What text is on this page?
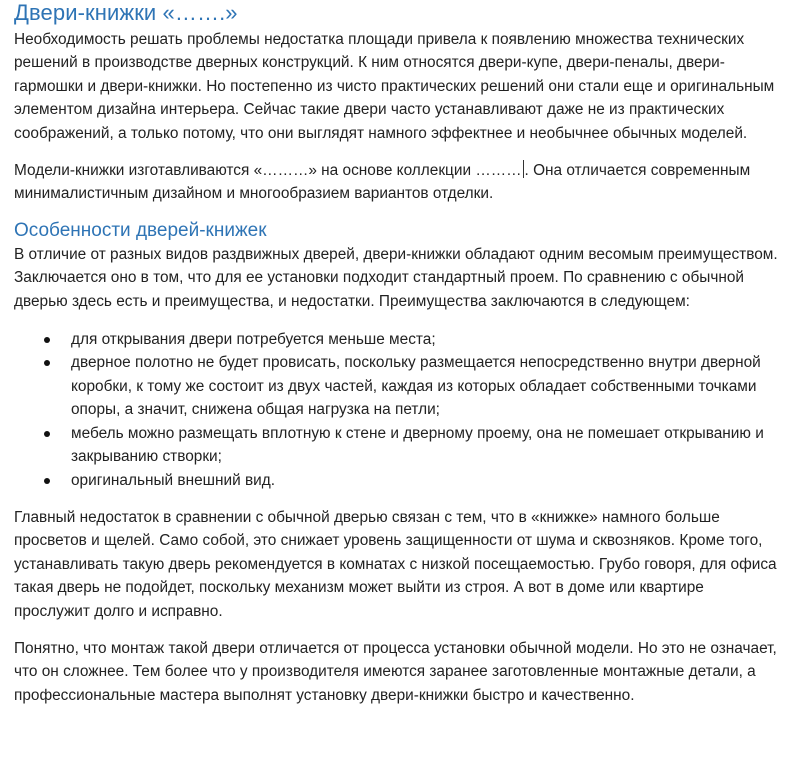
Двери-книжки «…….»

Необходимость решать проблемы недостатка площади привела к появлению множества технических решений в производстве дверных конструкций. К ним относятся двери-купе, двери-пеналы, двери-гармошки и двери-книжки. Но постепенно из чисто практических решений они стали еще и оригинальным элементом дизайна интерьера. Сейчас такие двери часто устанавливают даже не из практических соображений, а только потому, что они выглядят намного эффектнее и необычнее обычных моделей.

Модели-книжки изготавливаются «………» на основе коллекции ……… . Она отличается современным минималистичным дизайном и многообразием вариантов отделки.

Особенности дверей-книжек

В отличие от разных видов раздвижных дверей, двери-книжки обладают одним весомым преимуществом. Заключается оно в том, что для ее установки подходит стандартный проем. По сравнению с обычной дверью здесь есть и преимущества, и недостатки. Преимущества заключаются в следующем:

для открывания двери потребуется меньше места;
дверное полотно не будет провисать, поскольку размещается непосредственно внутри дверной коробки, к тому же состоит из двух частей, каждая из которых обладает собственными точками опоры, а значит, снижена общая нагрузка на петли;
мебель можно размещать вплотную к стене и дверному проему, она не помешает открыванию и закрыванию створки;
оригинальный внешний вид.

Главный недостаток в сравнении с обычной дверью связан с тем, что в «книжке» намного больше просветов и щелей. Само собой, это снижает уровень защищенности от шума и сквозняков. Кроме того, устанавливать такую дверь рекомендуется в комнатах с низкой посещаемостью. Грубо говоря, для офиса такая дверь не подойдет, поскольку механизм может выйти из строя. А вот в доме или квартире прослужит долго и исправно.

Понятно, что монтаж такой двери отличается от процесса установки обычной модели. Но это не означает, что он сложнее. Тем более что у производителя имеются заранее заготовленные монтажные детали, а профессиональные мастера выполнят установку двери-книжки быстро и качественно.
